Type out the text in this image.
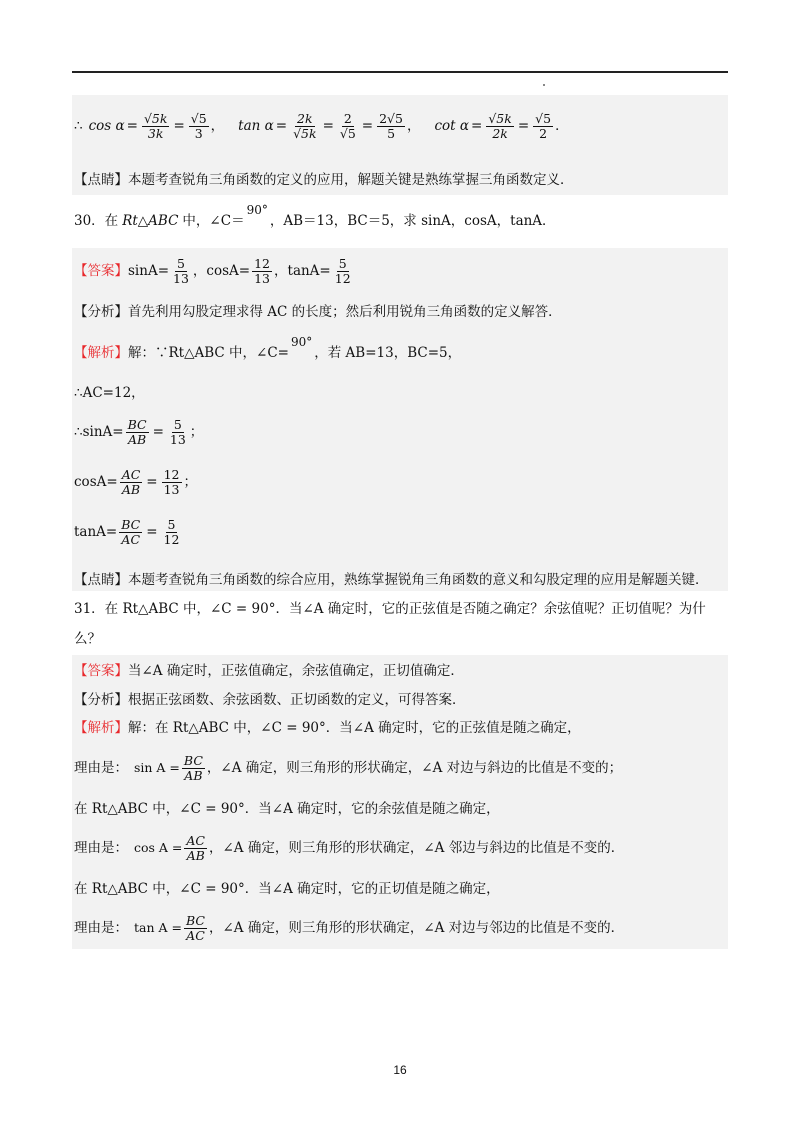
∴ $\cos \alpha = \frac{√5k}{3k} = \frac{√5}{3}$ ， $\tan \alpha = \frac{2k}{√5k} = \frac{2}{√5} = \frac{2√5}{5}$ ， $\cot \alpha = \frac{√5k}{2k} = \frac{√5}{2}$ ．
【点睛】 本题考查锐角三角函数的定义的应用，解题关键是熟练掌握三角函数定义．
30．在 Rt△ABC 中，∠C＝
90°
，AB＝13，BC＝5，求 sinA，cosA，tanA．
【答案】 $\sin A= \frac{5}{13}$ ，$\cos A= \frac{12}{13}$ ，$\tan A= \frac{5}{12}$
【分析】 首先利用勾股定理求得 AC 的长度；然后利用锐角三角函数的定义解答．
【解析】 解：∵Rt△ABC 中，∠C=
90°
，若 AB=13，BC=5，
∴AC=12，
∴sinA= $\frac{BC}{AB} = \frac{5}{13}$ ；
$\cos A= \frac{AC}{AB} = \frac{12}{13}$ ；
$\tan A= \frac{BC}{AC} = \frac{5}{12}$
【点睛】 本题考查锐角三角函数的综合应用，熟练掌握锐角三角函数的意义和勾股定理的应用是解题关键．
31．在 Rt△ABC 中，∠C = 90°．当∠A 确定时，它的正弦值是否随之确定？余弦值呢？正切值呢？为什
么？
【答案】 当∠A 确定时，正弦值确定，余弦值确定，正切值确定．
【分析】 根据正弦函数、余弦函数、正切函数的定义，可得答案．
【解析】 解：在 Rt△ABC 中，∠C = 90°．当∠A 确定时，它的正弦值是随之确定，
理由是： $\sin A = \frac{BC}{AB}$ ，∠A 确定，则三角形的形状确定，∠A 对边与斜边的比值是不变的；
在 Rt△ABC 中，∠C = 90°．当∠A 确定时，它的余弦值是随之确定，
理由是： $\cos A = \frac{AC}{AB}$ ，∠A 确定，则三角形的形状确定，∠A 邻边与斜边的比值是不变的．
在 Rt△ABC 中，∠C = 90°．当∠A 确定时，它的正切值是随之确定，
理由是： $\tan A = \frac{BC}{AC}$ ，∠A 确定，则三角形的形状确定，∠A 对边与邻边的比值是不变的．
16
